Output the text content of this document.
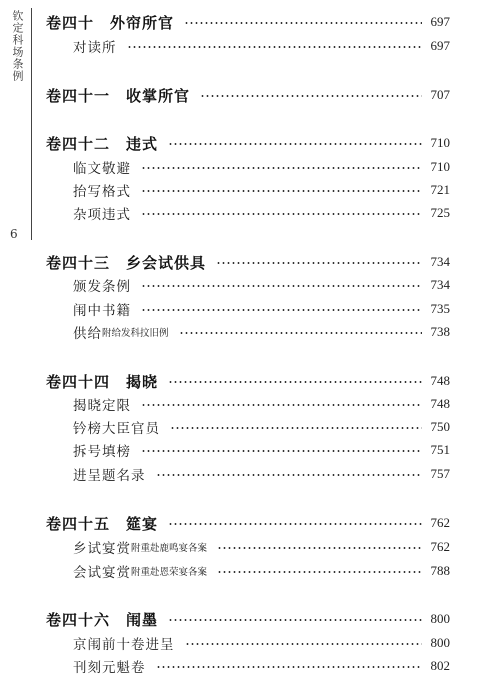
钦定科场条例
6
卷四十　外帘所官	697
对读所	697
卷四十一　收掌所官	707
卷四十二　违式	710
临文敬避	710
抬写格式	721
杂项违式	725
卷四十三　乡会试供具	734
颁发条例	734
闱中书籍	735
供给 附给发科抆旧例	738
卷四十四　揭晓	748
揭晓定限	748
钤榜大臣官员	750
拆号填榜	751
进呈题名录	757
卷四十五　筵宴	762
乡试宴赏 附重赴鹿鸣宴各案	762
会试宴赏 附重赴恩荣宴各案	788
卷四十六　闱墨	800
京闱前十卷进呈	800
刊刻元魁卷	802
